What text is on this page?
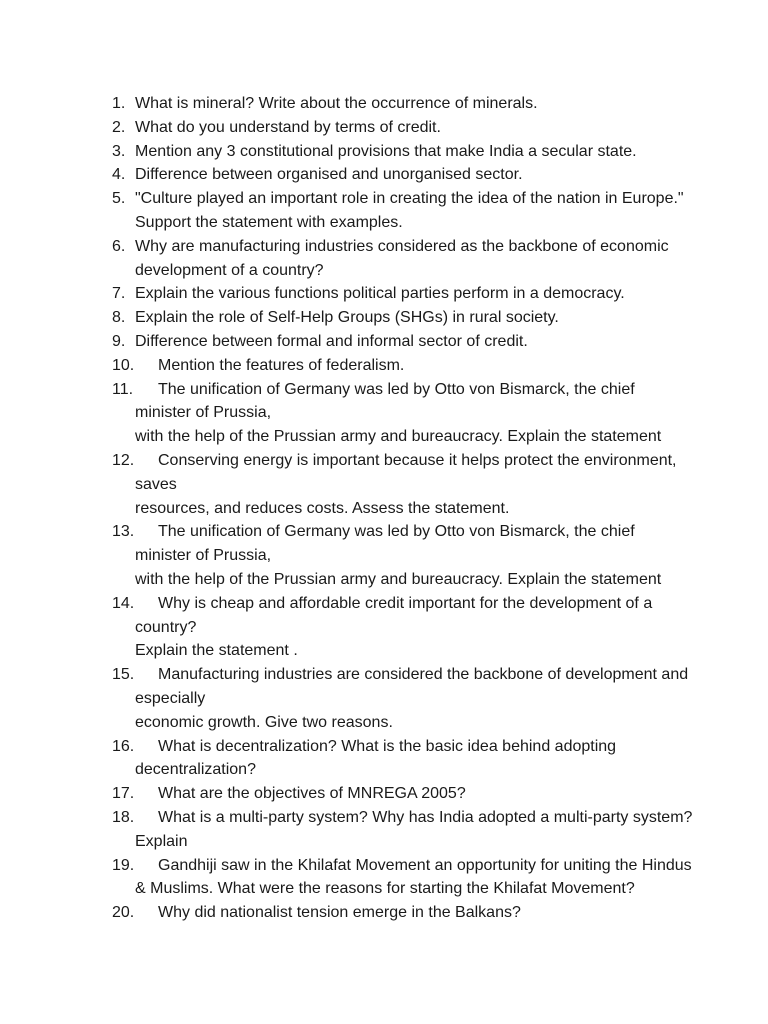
1. What is mineral? Write about the occurrence of minerals.
2. What do you understand by terms of credit.
3. Mention any 3 constitutional provisions that make India a secular state.
4. Difference between organised and unorganised sector.
5. "Culture played an important role in creating the idea of the nation in Europe."
Support the statement with examples.
6. Why are manufacturing industries considered as the backbone of economic
development of a country?
7. Explain the various functions political parties perform in a democracy.
8. Explain the role of Self-Help Groups (SHGs) in rural society.
9. Difference between formal and informal sector of credit.
10.	Mention the features of federalism.
11.	The unification of Germany was led by Otto von Bismarck, the chief
minister of Prussia,
with the help of the Prussian army and bureaucracy. Explain the statement
12.	Conserving energy is important because it helps protect the environment,
saves
resources, and reduces costs. Assess the statement.
13.	The unification of Germany was led by Otto von Bismarck, the chief
minister of Prussia,
with the help of the Prussian army and bureaucracy. Explain the statement
14.	Why is cheap and affordable credit important for the development of a
country?
Explain the statement .
15.	Manufacturing industries are considered the backbone of development and
especially
economic growth. Give two reasons.
16.	What is decentralization? What is the basic idea behind adopting
decentralization?
17.	What are the objectives of MNREGA 2005?
18.	What is a multi-party system? Why has India adopted a multi-party system?
Explain
19.	Gandhiji saw in the Khilafat Movement an opportunity for uniting the Hindus
& Muslims. What were the reasons for starting the Khilafat Movement?
20.	Why did nationalist tension emerge in the Balkans?
